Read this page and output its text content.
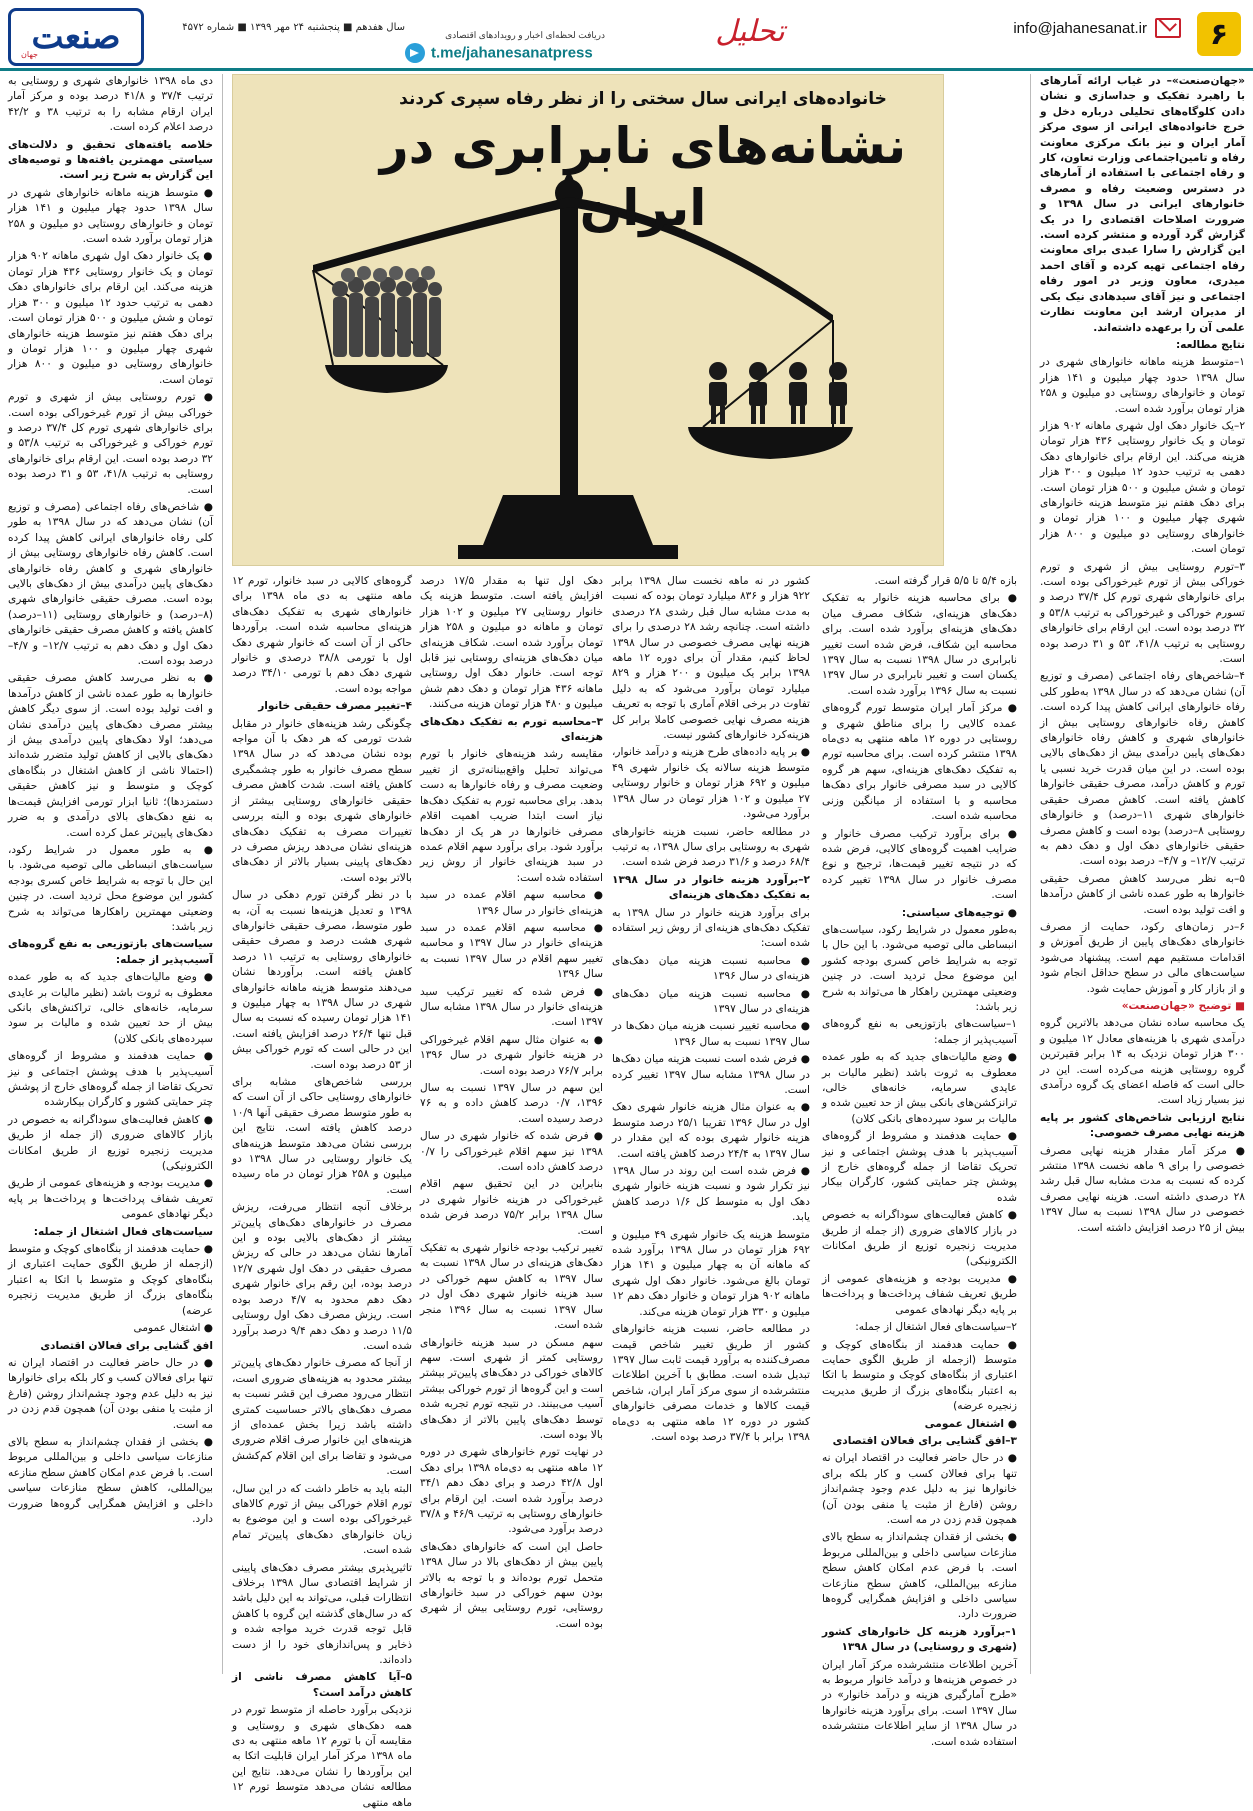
۶
info@jahanesanat.ir
تحلیل
دریافت لحظه‌ای اخبار و رویدادهای اقتصادی
t.me/jahanesanatpress
سال هفدهم ■ پنجشنبه ۲۴ مهر ۱۳۹۹ ■ شماره ۴۵۷۲
صنعت
جهان
خانواده‌های ایرانی سال سختی را از نظر رفاه سپری کردند
نشانه‌های نابرابری در ایران

«جهان‌صنعت»– در غیاب ارائه آمارهای با راهبرد تفکیک و جداسازی و نشان دادن کلوگاه‌های تحلیلی درباره دخل و خرج خانواده‌های ایرانی از سوی مرکز آمار ایران و نیز بانک مرکزی معاونت رفاه و تامین‌اجتماعی وزارت تعاون، کار و رفاه اجتماعی با استفاده از آمارهای در دسترس وضعیت رفاه و مصرف خانوارهای ایرانی در سال ۱۳۹۸ و ضرورت اصلاحات اقتصادی را در یک گزارش گرد آورده و منتشر کرده است. این گزارش را سارا عبدی برای معاونت رفاه اجتماعی تهیه کرده و آقای احمد میدری، معاون وزیر در امور رفاه اجتماعی و نیز آقای سیدهادی نیک یکی از مدیران ارشد این معاونت نظارت علمی آن را برعهده داشته‌اند.

نتایج مطالعه:

۱–متوسط هزینه ماهانه خانوارهای شهری در سال ۱۳۹۸ حدود چهار میلیون و ۱۴۱ هزار تومان و خانوارهای روستایی دو میلیون و ۲۵۸ هزار تومان برآورد شده است.

۲–یک خانوار دهک اول شهری ماهانه ۹۰۲ هزار تومان و یک خانوار روستایی ۴۳۶ هزار تومان هزینه می‌کند. این ارقام برای خانوارهای دهک دهمی به ترتیب حدود ۱۲ میلیون و ۳۰۰ هزار تومان و شش میلیون و ۵۰۰ هزار تومان است. برای دهک هفتم نیز متوسط هزینه خانوارهای شهری چهار میلیون و ۱۰۰ هزار تومان و خانوارهای روستایی دو میلیون و ۸۰۰ هزار تومان است.

۳–تورم روستایی بیش از شهری و تورم خوراکی بیش از تورم غیرخوراکی بوده است. برای خانوارهای شهری تورم کل ۳۷/۴ درصد و تسورم خوراکی و غیرخوراکی به ترتیب ۵۳/۸ و ۳۲ درصد بوده است. این ارقام برای خانوارهای روستایی به ترتیب ۴۱/۸، ۵۳ و ۳۱ درصد بوده است.

۴–شاخص‌های رفاه اجتماعی (مصرف و توزیع آن) نشان می‌دهد که در سال ۱۳۹۸ به‌طور کلی رفاه خانوارهای ایرانی کاهش پیدا کرده است. کاهش رفاه خانوارهای روستایی بیش از خانوارهای شهری و کاهش رفاه خانوارهای دهک‌های پایین درآمدی بیش از دهک‌های بالایی بوده است. در این میان قدرت خرید نسبی یا تورم و کاهش درآمد، مصرف حقیقی خانوارها کاهش یافته است. کاهش مصرف حقیقی خانوارهای شهری ۱۱–درصد) و خانوارهای روستایی ۸–درصد) بوده است و کاهش مصرف حقیقی خانوارهای دهک اول و دهک دهم به ترتیب ۱۲/۷– و ۴/۷– درصد بوده است.

۵–به نظر می‌رسد کاهش مصرف حقیقی خانوارها به طور عمده ناشی از کاهش درآمدها و افت تولید بوده است.

۶–در زمان‌های رکود، حمایت از مصرف خانوارهای دهک‌های پایین از طریق آموزش و اقدامات مستقیم مهم است. پیشنهاد می‌شود سیاست‌های مالی در سطح حداقل انجام شود و از بازار کار و آموزش حمایت شود.

■ توضیح «جهان‌صنعت»

یک محاسبه ساده نشان می‌دهد بالاترین گروه درآمدی شهری با هزینه‌های معادل ۱۲ میلیون و ۳۰۰ هزار تومان نزدیک به ۱۴ برابر فقیرترین گروه روستایی هزینه می‌کرده است. این در حالی است که فاصله اعضای یک گروه درآمدی نیز بسیار زیاد است.

نتایج ارزیابی شاخص‌های کشور بر پایه هزینه نهایی مصرف خصوصی:

● مرکز آمار مقدار هزینه نهایی مصرف خصوصی را برای ۹ ماهه نخست ۱۳۹۸ منتشر کرده که نسبت به مدت مشابه سال قبل رشد ۲۸ درصدی داشته است. هزینه نهایی مصرف خصوصی در سال ۱۳۹۸ نسبت به سال ۱۳۹۷ بیش از ۲۵ درصد افزایش داشته است.

بازه ۵/۴ تا ۵/۵ قرار گرفته است.

● برای محاسبه هزینه خانوار به تفکیک دهک‌های هزینه‌ای، شکاف مصرف میان دهک‌های هزینه‌ای برآورد شده است. برای محاسبه این شکاف، فرض شده است تغییر نابرابری در سال ۱۳۹۸ نسبت به سال ۱۳۹۷ یکسان است و تغییر نابرابری در سال ۱۳۹۷ نسبت به سال ۱۳۹۶ برآورد شده است.

● مرکز آمار ایران متوسط تورم گروه‌های عمده کالایی را برای مناطق شهری و روستایی در دوره ۱۲ ماهه منتهی به دی‌ماه ۱۳۹۸ منتشر کرده است. برای محاسبه تورم به تفکیک دهک‌های هزینه‌ای، سهم هر گروه کالایی در سبد مصرفی خانوار برای دهک‌ها محاسبه و با استفاده از میانگین وزنی محاسبه شده است.

● برای برآورد ترکیب مصرف خانوار و ضرایب اهمیت گروه‌های کالایی، فرض شده که در نتیجه تغییر قیمت‌ها، ترجیح و نوع مصرف خانوار در سال ۱۳۹۸ تغییر کرده است.

● توجیه‌های سیاستی:

به‌طور معمول در شرایط رکود، سیاست‌های انبساطی مالی توصیه می‌شود. با این حال با توجه به شرایط خاص کسری بودجه کشور این موضوع محل تردید است. در چنین وضعیتی مهمترین راهکار ها می‌تواند به شرح زیر باشد:

۱–سیاست‌های بازتوزیعی به نفع گروه‌های آسیب‌پذیر از جمله:

● وضع مالیات‌های جدید که به طور عمده معطوف به ثروت باشد (نظیر مالیات بر عایدی سرمایه، خانه‌های خالی، ترانزکشن‌های بانکی بیش از حد تعیین شده و مالیات بر سود سپرده‌های بانکی کلان)

● حمایت هدفمند و مشروط از گروه‌های آسیب‌پذیر با هدف پوشش اجتماعی و نیز تحریک تقاضا از جمله گروه‌های خارج از پوشش چتر حمایتی کشور، کارگران بیکار شده

● کاهش فعالیت‌های سوداگرانه به خصوص در بازار کالاهای ضروری (از جمله از طریق مدیریت زنجیره توزیع از طریق امکانات الکترونیکی)

● مدیریت بودجه و هزینه‌های عمومی از طریق تعریف شفاف پرداخت‌ها و پرداخت‌ها بر پایه دیگر نهادهای عمومی

۲–سیاست‌های فعال اشتغال از جمله:

● حمایت هدفمند از بنگاه‌های کوچک و متوسط (ازجمله از طریق الگوی حمایت اعتباری از بنگاه‌های کوچک و متوسط با اتکا به اعتبار بنگاه‌های بزرگ از طریق مدیریت زنجیره عرضه)

● اشتغال عمومی

۳–افق گشایی برای فعالان اقتصادی

● در حال حاضر فعالیت در اقتصاد ایران نه تنها برای فعالان کسب و کار بلکه برای خانوارها نیز به دلیل عدم وجود چشم‌انداز روشن (فارغ از مثبت یا منفی بودن آن) همچون قدم زدن در مه است.

● بخشی از فقدان چشم‌انداز به سطح بالای منازعات سیاسی داخلی و بین‌المللی مربوط است. با فرض عدم امکان کاهش سطح منازعه بین‌المللی، کاهش سطح منازعات سیاسی داخلی و افزایش همگرایی گروه‌ها ضرورت دارد.

۱–برآورد هزینه کل خانوارهای کشور (شهری و روستایی) در سال ۱۳۹۸

آخرین اطلاعات منتشرشده مرکز آمار ایران در خصوص هزینه‌ها و درآمد خانوار مربوط به «طرح آمارگیری هزینه و درآمد خانوار» در سال ۱۳۹۷ است. برای برآورد هزینه خانوارها در سال ۱۳۹۸ از سایر اطلاعات منتشرشده استفاده شده است.

کشور در نه ماهه نخست سال ۱۳۹۸ برابر ۹۲۲ هزار و ۸۳۶ میلیارد تومان بوده که نسبت به مدت مشابه سال قبل رشدی ۲۸ درصدی داشته است. چنانچه رشد ۲۸ درصدی را برای هزینه نهایی مصرف خصوصی در سال ۱۳۹۸ لحاظ کنیم، مقدار آن برای دوره ۱۲ ماهه ۱۳۹۸ برابر یک میلیون و ۲۰۰ هزار و ۸۲۹ میلیارد تومان برآورد می‌شود که به دلیل تفاوت در برخی اقلام آماری با توجه به تعریف هزینه مصرف نهایی خصوصی کاملا برابر کل هزینه‌کرد خانوارهای کشور نیست.

● بر پایه داده‌های طرح هزینه و درآمد خانوار، متوسط هزینه سالانه یک خانوار شهری ۴۹ میلیون و ۶۹۲ هزار تومان و خانوار روستایی ۲۷ میلیون و ۱۰۲ هزار تومان در سال ۱۳۹۸ برآورد می‌شود.

در مطالعه حاضر، نسبت هزینه خانوارهای شهری به روستایی برای سال ۱۳۹۸، به ترتیب ۶۸/۴ درصد و ۳۱/۶ درصد فرض شده است.

۲–برآورد هزینه خانوار در سال ۱۳۹۸ به تفکیک دهک‌های هزینه‌ای

برای برآورد هزینه خانوار در سال ۱۳۹۸ به تفکیک دهک‌های هزینه‌ای از روش زیر استفاده شده است:

● محاسبه نسبت هزینه میان دهک‌های هزینه‌ای در سال ۱۳۹۶

● محاسبه نسبت هزینه میان دهک‌های هزینه‌ای در سال ۱۳۹۷

● محاسبه تغییر نسبت هزینه میان دهک‌ها در سال ۱۳۹۷ نسبت به سال ۱۳۹۶

● فرض شده است نسبت هزینه میان دهک‌ها در سال ۱۳۹۸ مشابه سال ۱۳۹۷ تغییر کرده است.

● به عنوان مثال هزینه خانوار شهری دهک اول در سال ۱۳۹۶ تقریبا ۲۵/۱ درصد متوسط هزینه خانوار شهری بوده که این مقدار در سال ۱۳۹۷ به ۲۴/۴ درصد کاهش یافته است.

● فرض شده است این روند در سال ۱۳۹۸ نیز تکرار شود و نسبت هزینه خانوار شهری دهک اول به متوسط کل ۱/۶ درصد کاهش یابد.

متوسط هزینه یک خانوار شهری ۴۹ میلیون و ۶۹۲ هزار تومان در سال ۱۳۹۸ برآورد شده که ماهانه آن به چهار میلیون و ۱۴۱ هزار تومان بالغ می‌شود. خانوار دهک اول شهری ماهانه ۹۰۲ هزار تومان و خانوار دهک دهم ۱۲ میلیون و ۳۳۰ هزار تومان هزینه می‌کند.

در مطالعه حاضر، نسبت هزینه خانوارهای کشور از طریق تغییر شاخص قیمت مصرف‌کننده به برآورد قیمت ثابت سال ۱۳۹۷ تبدیل شده است. مطابق با آخرین اطلاعات منتشرشده از سوی مرکز آمار ایران، شاخص قیمت کالاها و خدمات مصرفی خانوارهای کشور در دوره ۱۲ ماهه منتهی به دی‌ماه ۱۳۹۸ برابر با ۳۷/۴ درصد بوده است.

دهک اول تنها به مقدار ۱۷/۵ درصد افزایش یافته است. متوسط هزینه یک خانوار روستایی ۲۷ میلیون و ۱۰۲ هزار تومان و ماهانه دو میلیون و ۲۵۸ هزار تومان برآورد شده است. شکاف هزینه‌ای میان دهک‌های هزینه‌ای روستایی نیز قابل توجه است. خانوار دهک اول روستایی ماهانه ۴۳۶ هزار تومان و دهک دهم شش میلیون و ۴۸۰ هزار تومان هزینه می‌کنند.

۳–محاسبه تورم به تفکیک دهک‌های هزینه‌ای

مقایسه رشد هزینه‌های خانوار با تورم می‌تواند تحلیل واقع‌بینانه‌تری از تغییر وضعیت مصرف و رفاه خانوارها به دست بدهد. برای محاسبه تورم به تفکیک دهک‌ها نیاز است ابتدا ضریب اهمیت اقلام مصرفی خانوارها در هر یک از دهک‌ها برآورد شود. برای برآورد سهم اقلام عمده در سبد هزینه‌ای خانوار از روش زیر استفاده شده است:

● محاسبه سهم اقلام عمده در سبد هزینه‌ای خانوار در سال ۱۳۹۶

● محاسبه سهم اقلام عمده در سبد هزینه‌ای خانوار در سال ۱۳۹۷ و محاسبه تغییر سهم اقلام در سال ۱۳۹۷ نسبت به سال ۱۳۹۶

● فرض شده که تغییر ترکیب سبد هزینه‌ای خانوار در سال ۱۳۹۸ مشابه سال ۱۳۹۷ است.

● به عنوان مثال سهم اقلام غیرخوراکی در هزینه خانوار شهری در سال ۱۳۹۶ برابر ۷۶/۷ درصد بوده است.

این سهم در سال ۱۳۹۷ نسبت به سال ۱۳۹۶، ۰/۷ درصد کاهش داده و به ۷۶ درصد رسیده است.

● فرض شده که خانوار شهری در سال ۱۳۹۸ نیز سهم اقلام غیرخوراکی را ۰/۷ درصد کاهش داده است.

بنابراین در این تحقیق سهم اقلام غیرخوراکی در هزینه خانوار شهری در سال ۱۳۹۸ برابر ۷۵/۲ درصد فرض شده است.

تغییر ترکیب بودجه خانوار شهری به تفکیک دهک‌های هزینه‌ای در سال ۱۳۹۸ نسبت به سال ۱۳۹۷ به کاهش سهم خوراکی در سبد هزینه خانوار شهری دهک اول در سال ۱۳۹۷ نسبت به سال ۱۳۹۶ منجر شده است.

سهم مسکن در سبد هزینه خانوارهای روستایی کمتر از شهری است. سهم کالاهای خوراکی در دهک‌های پایین‌تر بیشتر است و این گروه‌ها از تورم خوراکی بیشتر آسیب می‌بینند. در نتیجه تورم تجربه شده توسط دهک‌های پایین بالاتر از دهک‌های بالا بوده است.

در نهایت تورم خانوارهای شهری در دوره ۱۲ ماهه منتهی به دی‌ماه ۱۳۹۸ برای دهک اول ۴۲/۸ درصد و برای دهک دهم ۳۴/۱ درصد برآورد شده است. این ارقام برای خانوارهای روستایی به ترتیب ۴۶/۹ و ۳۷/۸ درصد برآورد می‌شود.

حاصل این است که خانوارهای دهک‌های پایین بیش از دهک‌های بالا در سال ۱۳۹۸ متحمل تورم بوده‌اند و با توجه به بالاتر بودن سهم خوراکی در سبد خانوارهای روستایی، تورم روستایی بیش از شهری بوده است.

گروه‌های کالایی در سبد خانوار، تورم ۱۲ ماهه منتهی به دی ماه ۱۳۹۸ برای خانوارهای شهری به تفکیک دهک‌های هزینه‌ای محاسبه شده است. برآوردها حاکی از آن است که خانوار شهری دهک اول با تورمی ۳۸/۸ درصدی و خانوار شهری دهک دهم با تورمی ۳۴/۱۰ درصد مواجه بوده است.

۴–تغییر مصرف حقیقی خانوار

چگونگی رشد هزینه‌های خانوار در مقابل شدت تورمی که هر دهک با آن مواجه بوده نشان می‌دهد که در سال ۱۳۹۸ سطح مصرف خانوار به طور چشمگیری کاهش یافته است. شدت کاهش مصرف حقیقی خانوارهای روستایی بیشتر از خانوارهای شهری بوده و البته بررسی تغییرات مصرف به تفکیک دهک‌های هزینه‌ای نشان می‌دهد ریزش مصرف در دهک‌های پایینی بسیار بالاتر از دهک‌های بالاتر بوده است.

با در نظر گرفتن تورم دهکی در سال ۱۳۹۸ و تعدیل هزینه‌ها نسبت به آن، به طور متوسط، مصرف حقیقی خانوارهای شهری هشت درصد و مصرف حقیقی خانوارهای روستایی به ترتیب ۱۱ درصد کاهش یافته است. برآوردها نشان می‌دهند متوسط هزینه ماهانه خانوارهای شهری در سال ۱۳۹۸ به چهار میلیون و ۱۴۱ هزار تومان رسیده که نسبت به سال قبل تنها ۲۶/۴ درصد افزایش یافته است. این در حالی است که تورم خوراکی بیش از ۵۳ درصد بوده است.

بررسی شاخص‌های مشابه برای خانوارهای روستایی حاکی از آن است که به طور متوسط مصرف حقیقی آنها ۱۰/۹ درصد کاهش یافته است. نتایج این بررسی نشان می‌دهد متوسط هزینه‌های یک خانوار روستایی در سال ۱۳۹۸ دو میلیون و ۲۵۸ هزار تومان در ماه رسیده است.

برخلاف آنچه انتظار می‌رفت، ریزش مصرف در خانوارهای دهک‌های پایین‌تر بیشتر از دهک‌های بالایی بوده و این آمارها نشان می‌دهد در حالی که ریزش مصرف حقیقی در دهک اول شهری ۱۲/۷ درصد بوده، این رقم برای خانوار شهری دهک دهم محدود به ۴/۷ درصد بوده است. ریزش مصرف دهک اول روستایی ۱۱/۵ درصد و دهک دهم ۹/۴ درصد برآورد شده است.

از آنجا که مصرف خانوار دهک‌های پایین‌تر بیشتر محدود به هزینه‌های ضروری است، انتظار می‌رود مصرف این قشر نسبت به مصرف دهک‌های بالاتر حساسیت کمتری داشته باشد زیرا بخش عمده‌ای از هزینه‌های این خانوار صرف اقلام ضروری می‌شود و تقاضا برای این اقلام کم‌کشش است.

البته باید به خاطر داشت که در این سال، تورم اقلام خوراکی بیش از تورم کالاهای غیرخوراکی بوده است و این موضوع به زیان خانوارهای دهک‌های پایین‌تر تمام شده است.

تاثیرپذیری بیشتر مصرف دهک‌های پایینی از شرایط اقتصادی سال ۱۳۹۸ برخلاف انتظارات قبلی، می‌تواند به این دلیل باشد که در سال‌های گذشته این گروه با کاهش قابل توجه قدرت خرید مواجه شده و ذخایر و پس‌اندازهای خود را از دست داده‌اند.

۵–آیا کاهش مصرف ناشی از کاهش درآمد است؟

نزدیکی برآورد حاصله از متوسط تورم در همه دهک‌های شهری و روستایی و مقایسه آن با تورم ۱۲ ماهه منتهی به دی ماه ۱۳۹۸ مرکز آمار ایران قابلیت اتکا به این برآوردها را نشان می‌دهد. نتایج این مطالعه نشان می‌دهد متوسط تورم ۱۲ ماهه منتهی

دی ماه ۱۳۹۸ خانوارهای شهری و روستایی به ترتیب ۳۷/۴ و ۴۱/۸ درصد بوده و مرکز آمار ایران ارقام مشابه را به ترتیب ۳۸ و ۴۲/۲ درصد اعلام کرده است.

خلاصه یافته‌های تحقیق و دلالت‌های سیاستی مهمترین یافته‌ها و توصیه‌های این گزارش به شرح زیر است.

● متوسط هزینه ماهانه خانوارهای شهری در سال ۱۳۹۸ حدود چهار میلیون و ۱۴۱ هزار تومان و خانوارهای روستایی دو میلیون و ۲۵۸ هزار تومان برآورد شده است.

● یک خانوار دهک اول شهری ماهانه ۹۰۲ هزار تومان و یک خانوار روستایی ۴۳۶ هزار تومان هزینه می‌کند. این ارقام برای خانوارهای دهک دهمی به ترتیب حدود ۱۲ میلیون و ۳۰۰ هزار تومان و شش میلیون و ۵۰۰ هزار تومان است. برای دهک هفتم نیز متوسط هزینه خانوارهای شهری چهار میلیون و ۱۰۰ هزار تومان و خانوارهای روستایی دو میلیون و ۸۰۰ هزار تومان است.

● تورم روستایی بیش از شهری و تورم خوراکی بیش از تورم غیرخوراکی بوده است. برای خانوارهای شهری تورم کل ۳۷/۴ درصد و تورم خوراکی و غیرخوراکی به ترتیب ۵۳/۸ و ۳۲ درصد بوده است. این ارقام برای خانوارهای روستایی به ترتیب ۴۱/۸، ۵۳ و ۳۱ درصد بوده است.

● شاخص‌های رفاه اجتماعی (مصرف و توزیع آن) نشان می‌دهد که در سال ۱۳۹۸ به طور کلی رفاه خانوارهای ایرانی کاهش پیدا کرده است. کاهش رفاه خانوارهای روستایی بیش از خانوارهای شهری و کاهش رفاه خانوارهای دهک‌های پایین درآمدی بیش از دهک‌های بالایی بوده است. مصرف حقیقی خانوارهای شهری (۸–درصد) و خانوارهای روستایی (۱۱–درصد) کاهش یافته و کاهش مصرف حقیقی خانوارهای دهک اول و دهک دهم به ترتیب ۱۲/۷– و ۴/۷– درصد بوده است.

● به نظر می‌رسد کاهش مصرف حقیقی خانوارها به طور عمده ناشی از کاهش درآمدها و افت تولید بوده است. از سوی دیگر کاهش بیشتر مصرف دهک‌های پایین درآمدی نشان می‌دهد؛ اولا دهک‌های پایین درآمدی بیش از دهک‌های بالایی از کاهش تولید متضرر شده‌اند (احتمالا ناشی از کاهش اشتغال در بنگاه‌های کوچک و متوسط و نیز کاهش حقیقی دستمزدها)؛ ثانیا ابزار تورمی افزایش قیمت‌ها به نفع دهک‌های بالای درآمدی و به ضرر دهک‌های پایین‌تر عمل کرده است.

● به طور معمول در شرایط رکود، سیاست‌های انبساطی مالی توصیه می‌شود. با این حال با توجه به شرایط خاص کسری بودجه کشور این موضوع محل تردید است. در چنین وضعیتی مهمترین راهکارها می‌تواند به شرح زیر باشد:

سیاست‌های بازتوزیعی به نفع گروه‌های آسیب‌پذیر از جمله:

● وضع مالیات‌های جدید که به طور عمده معطوف به ثروت باشد (نظیر مالیات بر عایدی سرمایه، خانه‌های خالی، تراکنش‌های بانکی بیش از حد تعیین شده و مالیات بر سود سپرده‌های بانکی کلان)

● حمایت هدفمند و مشروط از گروه‌های آسیب‌پذیر با هدف پوشش اجتماعی و نیز تحریک تقاضا از جمله گروه‌های خارج از پوشش چتر حمایتی کشور و کارگران بیکارشده

● کاهش فعالیت‌های سوداگرانه به خصوص در بازار کالاهای ضروری (از جمله از طریق مدیریت زنجیره توزیع از طریق امکانات الکترونیکی)

● مدیریت بودجه و هزینه‌های عمومی از طریق تعریف شفاف پرداخت‌ها و پرداخت‌ها بر پایه دیگر نهادهای عمومی

سیاست‌های فعال اشتغال از جمله:

● حمایت هدفمند از بنگاه‌های کوچک و متوسط (ازجمله از طریق الگوی حمایت اعتباری از بنگاه‌های کوچک و متوسط با اتکا به اعتبار بنگاه‌های بزرگ از طریق مدیریت زنجیره عرضه)

● اشتغال عمومی

افق گشایی برای فعالان اقتصادی

● در حال حاضر فعالیت در اقتصاد ایران نه تنها برای فعالان کسب و کار بلکه برای خانوارها نیز به دلیل عدم وجود چشم‌انداز روشن (فارغ از مثبت یا منفی بودن آن) همچون قدم زدن در مه است.

● بخشی از فقدان چشم‌انداز به سطح بالای منازعات سیاسی داخلی و بین‌المللی مربوط است. با فرض عدم امکان کاهش سطح منازعه بین‌المللی، کاهش سطح منازعات سیاسی داخلی و افزایش همگرایی گروه‌ها ضرورت دارد.
